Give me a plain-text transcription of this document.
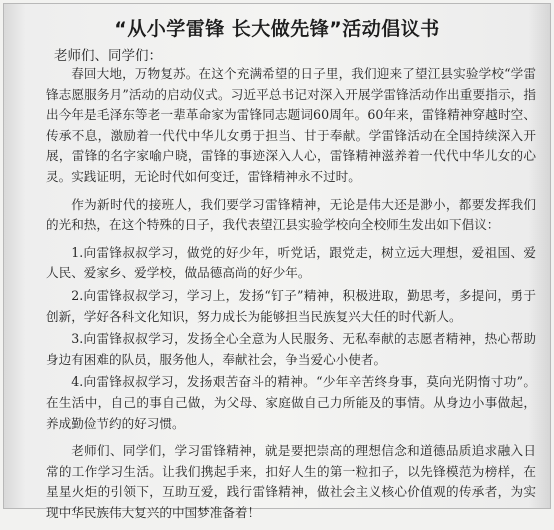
“从小学雷锋 长大做先锋”活动倡议书
老师们、同学们：

春回大地，万物复苏。在这个充满希望的日子里，我们迎来了望江县实验学校“学雷锋志愿服务月”活动的启动仪式。习近平总书记对深入开展学雷锋活动作出重要指示，指出今年是毛泽东等老一辈革命家为雷锋同志题词60周年。60年来，雷锋精神穿越时空、传承不息，激励着一代代中华儿女勇于担当、甘于奉献。学雷锋活动在全国持续深入开展，雷锋的名字家喻户晓，雷锋的事迹深入人心，雷锋精神滋养着一代代中华儿女的心灵。实践证明，无论时代如何变迁，雷锋精神永不过时。

作为新时代的接班人，我们要学习雷锋精神，无论是伟大还是渺小，都要发挥我们的光和热，在这个特殊的日子，我代表望江县实验学校向全校师生发出如下倡议：

1.向雷锋叔叔学习，做党的好少年，听党话，跟党走，树立远大理想，爱祖国、爱人民、爱家乡、爱学校，做品德高尚的好少年。

2.向雷锋叔叔学习，学习上，发扬“钉子”精神，积极进取，勤思考，多提问，勇于创新，学好各科文化知识，努力成长为能够担当民族复兴大任的时代新人。

3.向雷锋叔叔学习，发扬全心全意为人民服务、无私奉献的志愿者精神，热心帮助身边有困难的队员，服务他人，奉献社会，争当爱心小使者。

4.向雷锋叔叔学习，发扬艰苦奋斗的精神。“少年辛苦终身事，莫向光阴惰寸功”。在生活中，自己的事自己做，为父母、家庭做自己力所能及的事情。从身边小事做起，养成勤俭节约的好习惯。

老师们、同学们，学习雷锋精神，就是要把崇高的理想信念和道德品质追求融入日常的工作学习生活。让我们携起手来，扣好人生的第一粒扣子，以先锋模范为榜样，在星星火炬的引领下，互助互爱，践行雷锋精神，做社会主义核心价值观的传承者，为实现中华民族伟大复兴的中国梦准备着！
